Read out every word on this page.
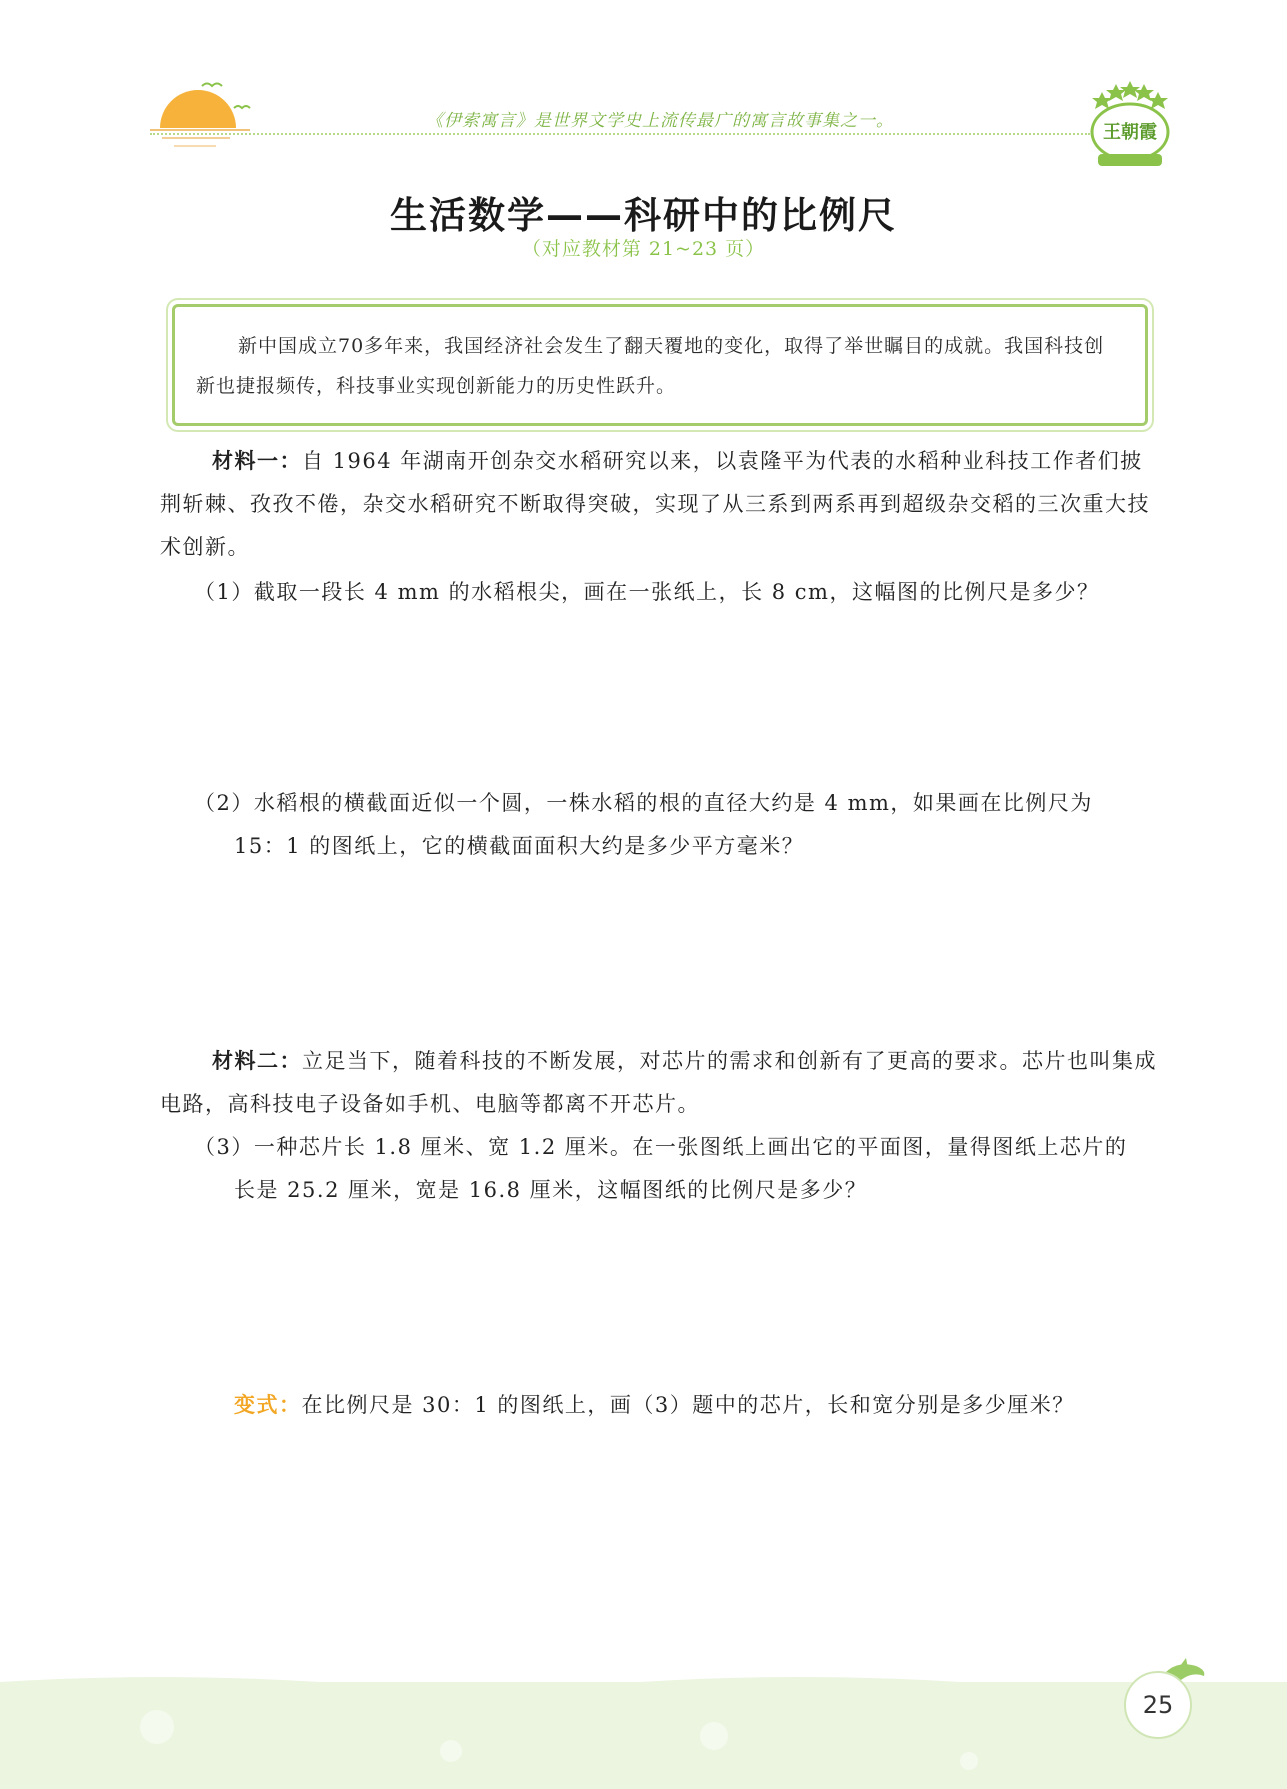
《伊索寓言》是世界文学史上流传最广的寓言故事集之一。
王朝霞
生活数学——科研中的比例尺
（对应教材第 21~23 页）
新中国成立70多年来，我国经济社会发生了翻天覆地的变化，取得了举世瞩目的成就。我国科技创新也捷报频传，科技事业实现创新能力的历史性跃升。
材料一：自 1964 年湖南开创杂交水稻研究以来，以袁隆平为代表的水稻种业科技工作者们披荆斩棘、孜孜不倦，杂交水稻研究不断取得突破，实现了从三系到两系再到超级杂交稻的三次重大技术创新。
（1）截取一段长 4 mm 的水稻根尖，画在一张纸上，长 8 cm，这幅图的比例尺是多少？
（2）水稻根的横截面近似一个圆，一株水稻的根的直径大约是 4 mm，如果画在比例尺为
15：1 的图纸上，它的横截面面积大约是多少平方毫米？
材料二：立足当下，随着科技的不断发展，对芯片的需求和创新有了更高的要求。芯片也叫集成电路，高科技电子设备如手机、电脑等都离不开芯片。
（3）一种芯片长 1.8 厘米、宽 1.2 厘米。在一张图纸上画出它的平面图，量得图纸上芯片的
长是 25.2 厘米，宽是 16.8 厘米，这幅图纸的比例尺是多少？
变式：在比例尺是 30：1 的图纸上，画（3）题中的芯片，长和宽分别是多少厘米？
25
